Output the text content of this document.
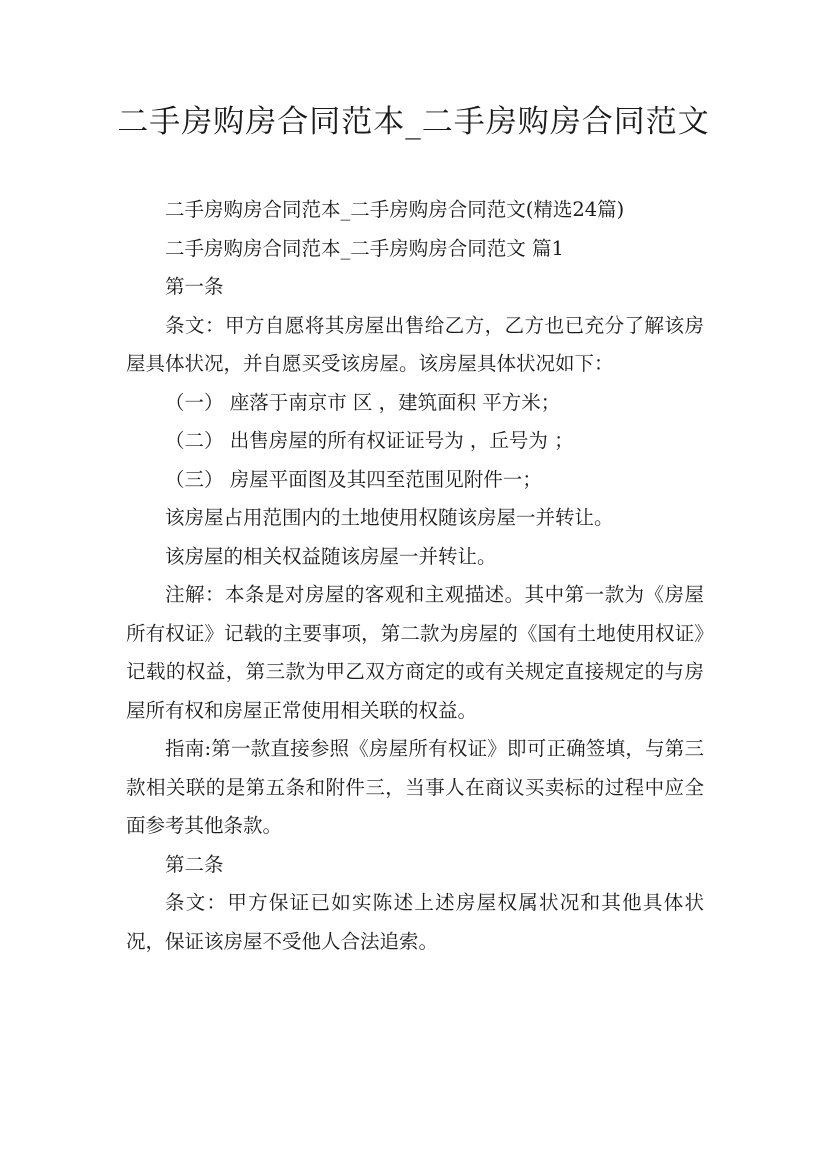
二手房购房合同范本_二手房购房合同范文

二手房购房合同范本_二手房购房合同范文(精选24篇)

二手房购房合同范本_二手房购房合同范文 篇1

第一条

条文：甲方自愿将其房屋出售给乙方，乙方也已充分了解该房屋具体状况，并自愿买受该房屋。该房屋具体状况如下：

（一） 座落于南京市 区 ，建筑面积 平方米；

（二） 出售房屋的所有权证证号为 ，丘号为 ；

（三） 房屋平面图及其四至范围见附件一；

该房屋占用范围内的土地使用权随该房屋一并转让。

该房屋的相关权益随该房屋一并转让。

注解：本条是对房屋的客观和主观描述。其中第一款为《房屋所有权证》记载的主要事项，第二款为房屋的《国有土地使用权证》记载的权益，第三款为甲乙双方商定的或有关规定直接规定的与房屋所有权和房屋正常使用相关联的权益。

指南:第一款直接参照《房屋所有权证》即可正确签填，与第三款相关联的是第五条和附件三，当事人在商议买卖标的过程中应全面参考其他条款。

第二条

条文：甲方保证已如实陈述上述房屋权属状况和其他具体状况，保证该房屋不受他人合法追索。
